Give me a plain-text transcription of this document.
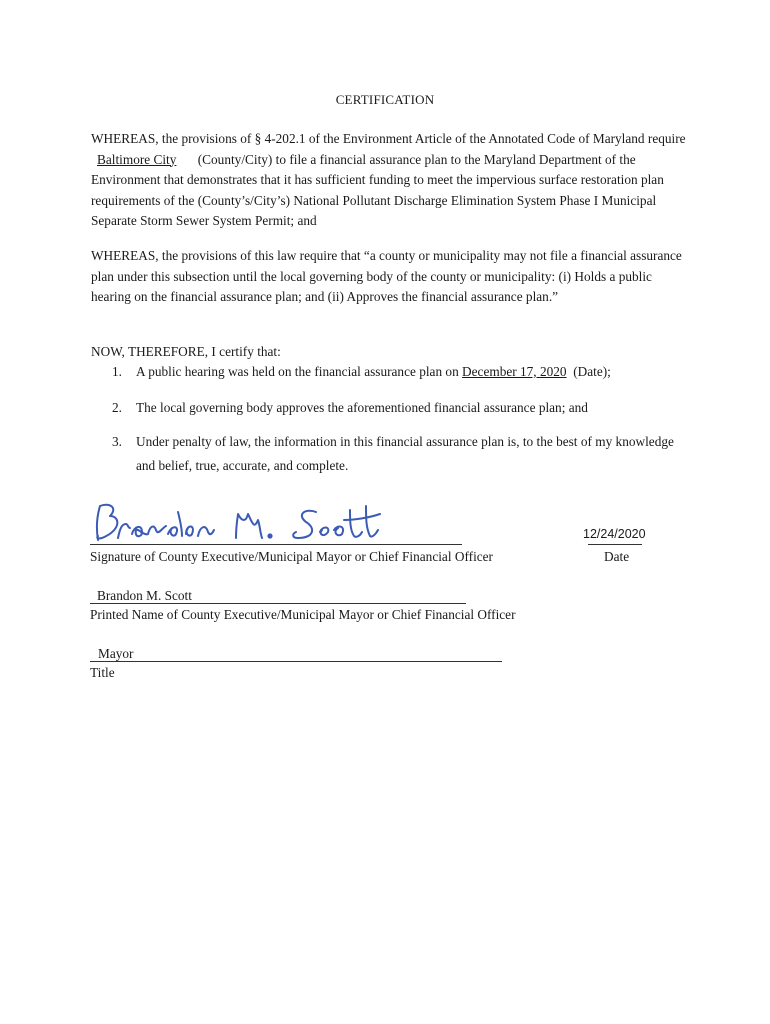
CERTIFICATION
WHEREAS, the provisions of § 4-202.1 of the Environment Article of the Annotated Code of Maryland require Baltimore City (County/City) to file a financial assurance plan to the Maryland Department of the Environment that demonstrates that it has sufficient funding to meet the impervious surface restoration plan requirements of the (County’s/City’s) National Pollutant Discharge Elimination System Phase I Municipal Separate Storm Sewer System Permit; and
WHEREAS, the provisions of this law require that “a county or municipality may not file a financial assurance plan under this subsection until the local governing body of the county or municipality: (i) Holds a public hearing on the financial assurance plan; and (ii) Approves the financial assurance plan.”
NOW, THEREFORE, I certify that:
1.	A public hearing was held on the financial assurance plan on December 17, 2020 (Date);
2.	The local governing body approves the aforementioned financial assurance plan; and
3.	Under penalty of law, the information in this financial assurance plan is, to the best of my knowledge and belief, true, accurate, and complete.
Signature of County Executive/Municipal Mayor or Chief Financial Officer
12/24/2020
Date
Brandon M. Scott
Printed Name of County Executive/Municipal Mayor or Chief Financial Officer
Mayor
Title
